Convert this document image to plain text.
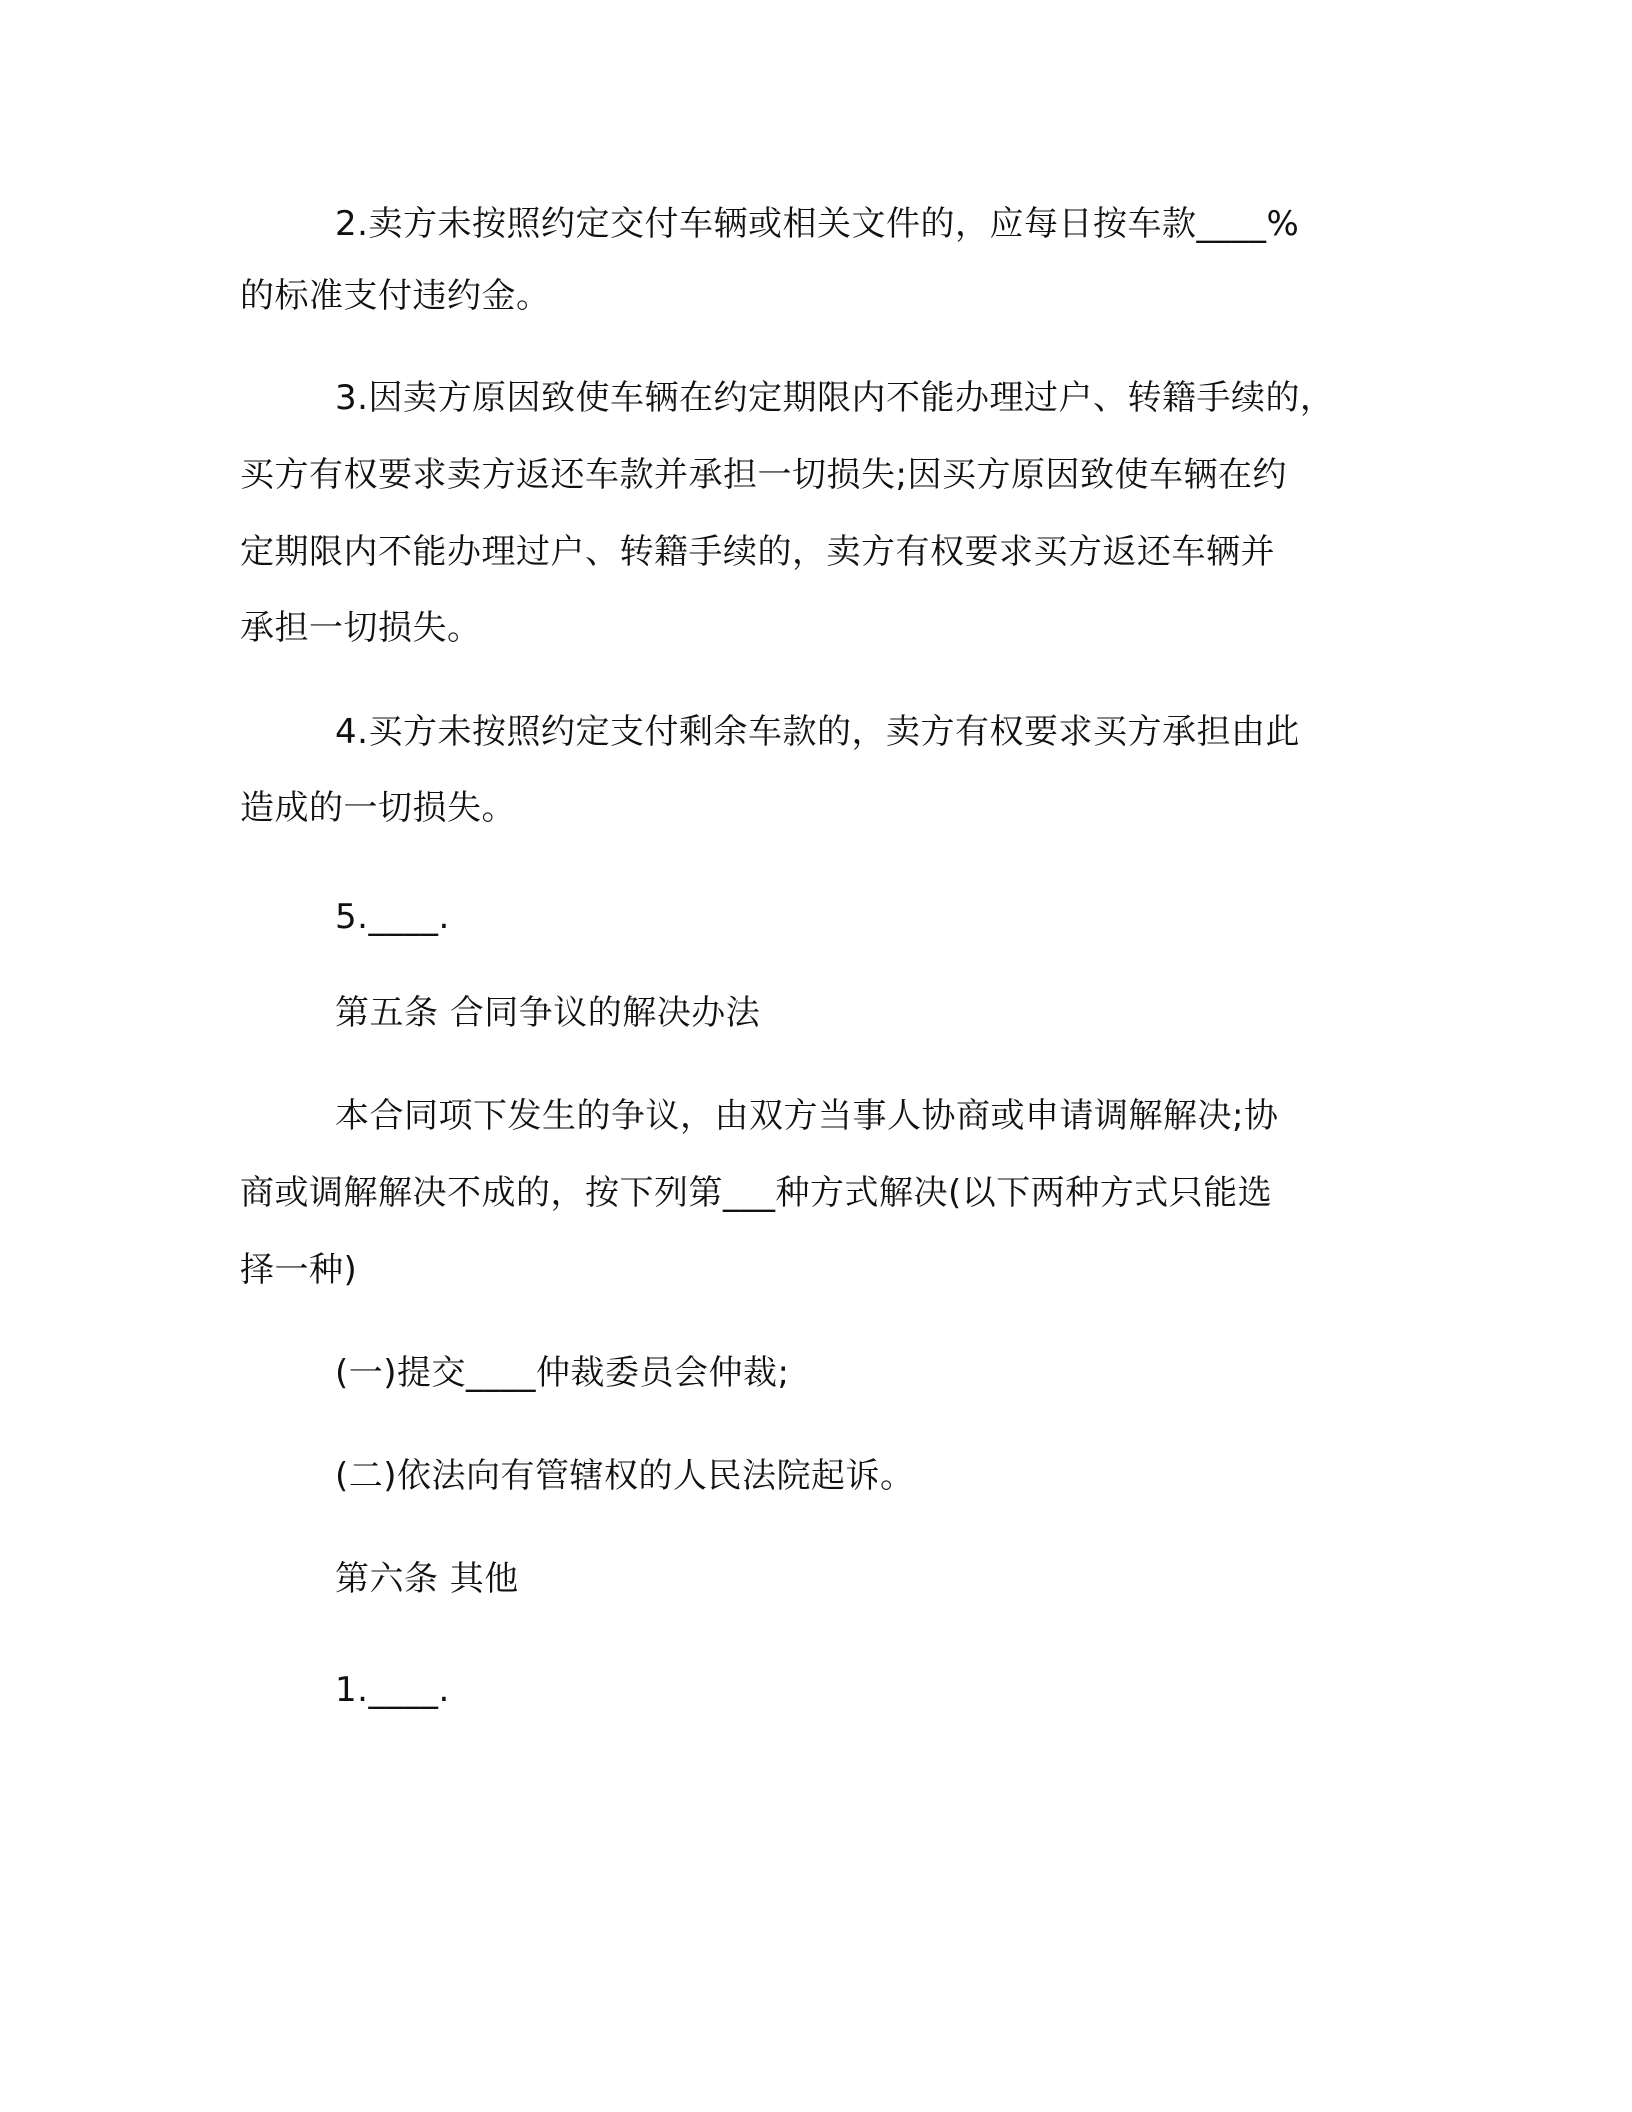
2.卖方未按照约定交付车辆或相关文件的，应每日按车款____%
的标准支付违约金。
3.因卖方原因致使车辆在约定期限内不能办理过户、转籍手续的，
买方有权要求卖方返还车款并承担一切损失;因买方原因致使车辆在约
定期限内不能办理过户、转籍手续的，卖方有权要求买方返还车辆并
承担一切损失。
4.买方未按照约定支付剩余车款的，卖方有权要求买方承担由此
造成的一切损失。
5.____.
第五条 合同争议的解决办法
本合同项下发生的争议，由双方当事人协商或申请调解解决;协
商或调解解决不成的，按下列第___种方式解决(以下两种方式只能选
择一种)
(一)提交____仲裁委员会仲裁;
(二)依法向有管辖权的人民法院起诉。
第六条 其他
1.____.
